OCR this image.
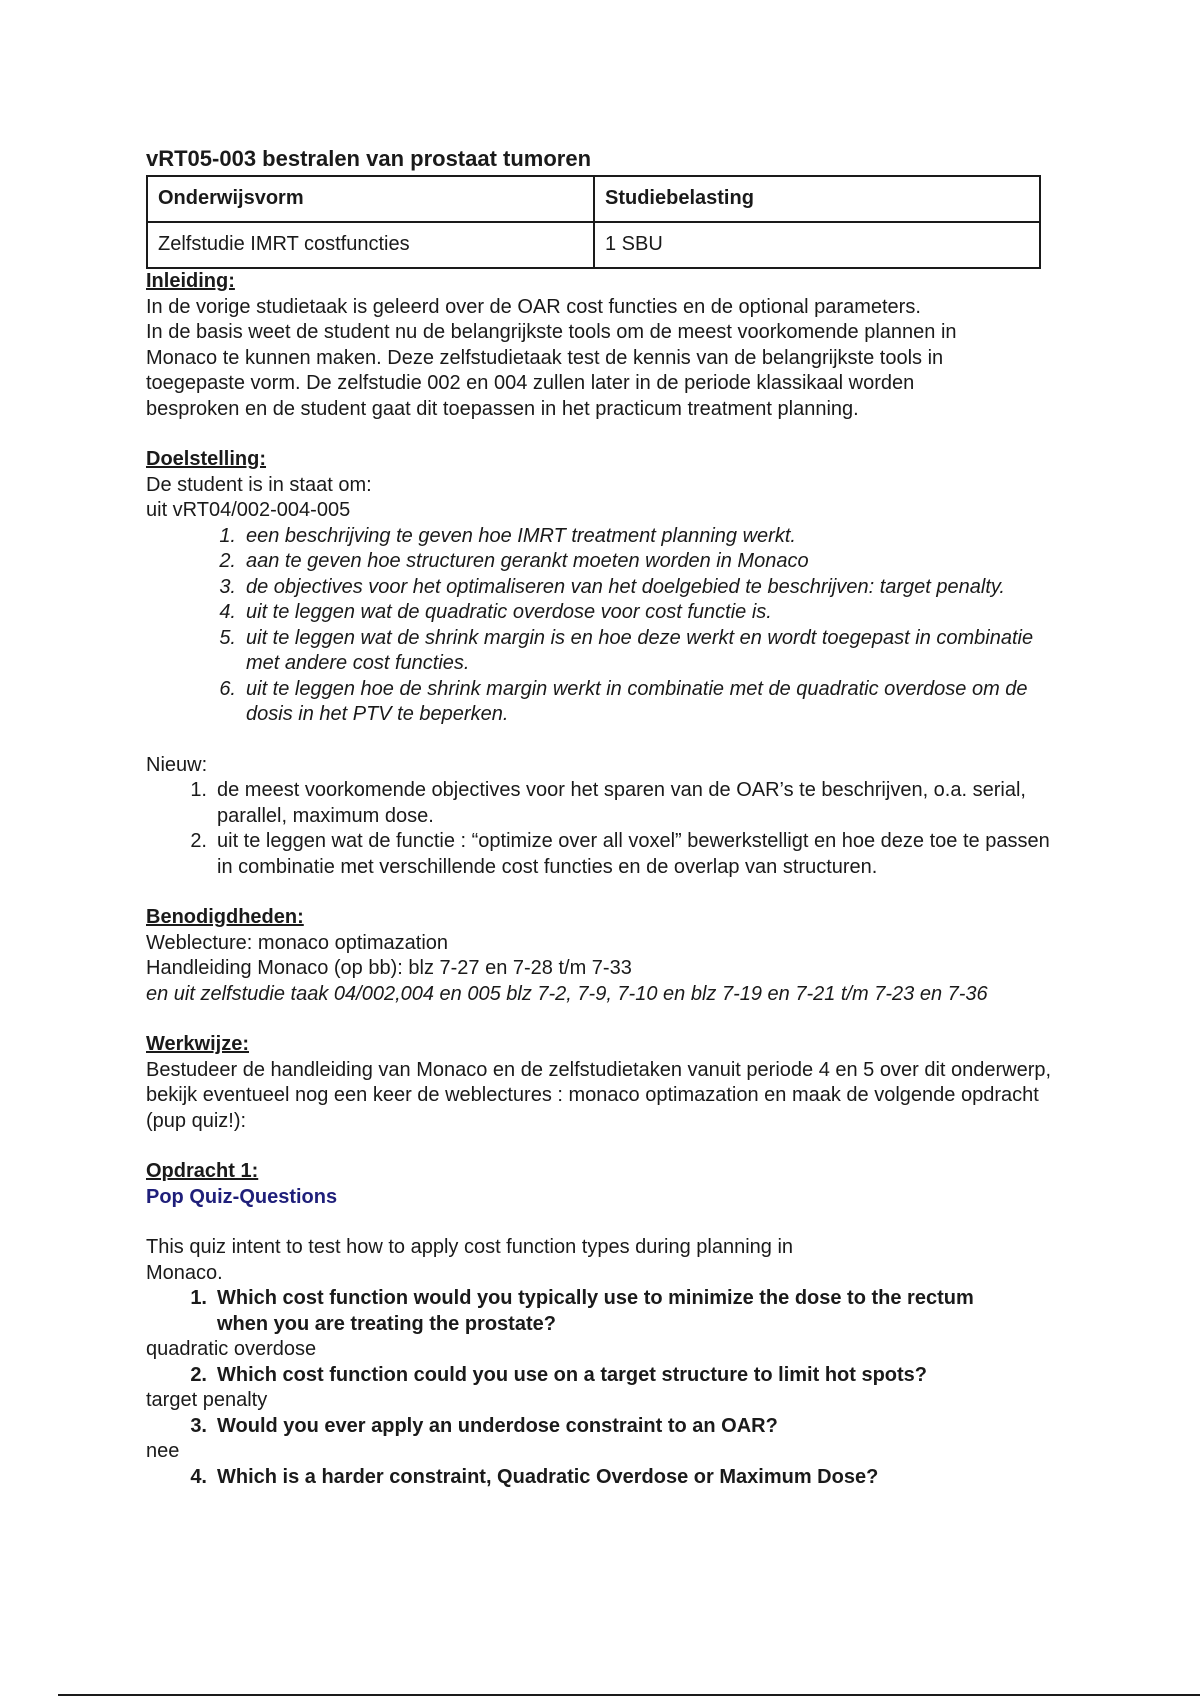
vRT05-003 bestralen van prostaat tumoren
Onderwijsvorm	Studiebelasting
Zelfstudie IMRT costfuncties	1 SBU

Inleiding:

In de vorige studietaak is geleerd over de OAR cost functies en de optional parameters.

In de basis weet de student nu de belangrijkste tools om de meest voorkomende plannen in

Monaco te kunnen maken. Deze zelfstudietaak test de kennis van de belangrijkste tools in

toegepaste vorm. De zelfstudie 002 en 004 zullen later in de periode klassikaal worden

besproken en de student gaat dit toepassen in het practicum treatment planning.

Doelstelling:

De student is in staat om:

uit vRT04/002-004-005

1. een beschrijving te geven hoe IMRT treatment planning werkt.
2. aan te geven hoe structuren gerankt moeten worden in Monaco
3. de objectives voor het optimaliseren van het doelgebied te beschrijven: target penalty.
4. uit te leggen wat de quadratic overdose voor cost functie is.
5. uit te leggen wat de shrink margin is en hoe deze werkt en wordt toegepast in combinatie met andere cost functies.
6. uit te leggen hoe de shrink margin werkt in combinatie met de quadratic overdose om de dosis in het PTV te beperken.

Nieuw:

1. de meest voorkomende objectives voor het sparen van de OAR’s te beschrijven, o.a. serial, parallel, maximum dose.
2. uit te leggen wat de functie : “optimize over all voxel” bewerkstelligt en hoe deze toe te passen in combinatie met verschillende cost functies en de overlap van structuren.

Benodigdheden:

Weblecture: monaco optimazation

Handleiding Monaco (op bb): blz 7-27 en 7-28 t/m 7-33

en uit zelfstudie taak 04/002,004 en 005 blz 7-2, 7-9, 7-10 en blz 7-19 en 7-21 t/m 7-23 en 7-36

Werkwijze:

Bestudeer de handleiding van Monaco en de zelfstudietaken vanuit periode 4 en 5 over dit onderwerp, bekijk eventueel nog een keer de weblectures : monaco optimazation en maak de volgende opdracht (pup quiz!):

Opdracht 1:

Pop Quiz-Questions

This quiz intent to test how to apply cost function types during planning in Monaco.

1. Which cost function would you typically use to minimize the dose to the rectum when you are treating the prostate?

quadratic overdose

2. Which cost function could you use on a target structure to limit hot spots?

target penalty

3. Would you ever apply an underdose constraint to an OAR?

nee

4. Which is a harder constraint, Quadratic Overdose or Maximum Dose?
